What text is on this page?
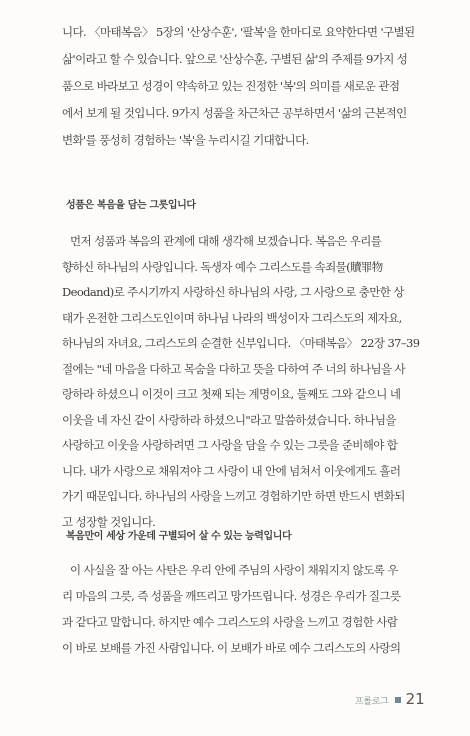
니다. 〈마태복음〉 5장의 '산상수훈', '팔복'을 한마디로 요약한다면 '구별된
삶'이라고 할 수 있습니다. 앞으로 '산상수훈, 구별된 삶'의 주제를 9가지 성
품으로 바라보고 성경이 약속하고 있는 진정한 '복'의 의미를 새로운 관점
에서 보게 될 것입니다. 9가지 성품을 차근차근 공부하면서 '삶의 근본적인
변화'를 풍성히 경험하는 '복'을 누리시길 기대합니다.
성품은 복음을 담는 그릇입니다
먼저 성품과 복음의 관계에 대해 생각해 보겠습니다. 복음은 우리를
향하신 하나님의 사랑입니다. 독생자 예수 그리스도를 속죄물(贖罪物
Deodand)로 주시기까지 사랑하신 하나님의 사랑, 그 사랑으로 충만한 상
태가 온전한 그리스도인이며 하나님 나라의 백성이자 그리스도의 제자요,
하나님의 자녀요, 그리스도의 순결한 신부입니다. 〈마태복음〉 22장 37–39
절에는 "네 마음을 다하고 목숨을 다하고 뜻을 다하여 주 너의 하나님을 사
랑하라 하셨으니 이것이 크고 첫째 되는 계명이요, 둘째도 그와 같으니 네
이웃을 네 자신 같이 사랑하라 하셨으니"라고 말씀하셨습니다. 하나님을
사랑하고 이웃을 사랑하려면 그 사랑을 담을 수 있는 그릇을 준비해야 합
니다. 내가 사랑으로 채워져야 그 사랑이 내 안에 넘쳐서 이웃에게도 흘러
가기 때문입니다. 하나님의 사랑을 느끼고 경험하기만 하면 반드시 변화되
고 성장할 것입니다.
복음만이 세상 가운데 구별되어 살 수 있는 능력입니다
이 사실을 잘 아는 사탄은 우리 안에 주님의 사랑이 채워지지 않도록 우
리 마음의 그릇, 즉 성품을 깨뜨리고 망가뜨립니다. 성경은 우리가 질그릇
과 같다고 말합니다. 하지만 예수 그리스도의 사랑을 느끼고 경험한 사람
이 바로 보배를 가진 사람입니다. 이 보배가 바로 예수 그리스도의 사랑의
프롤로그 21
